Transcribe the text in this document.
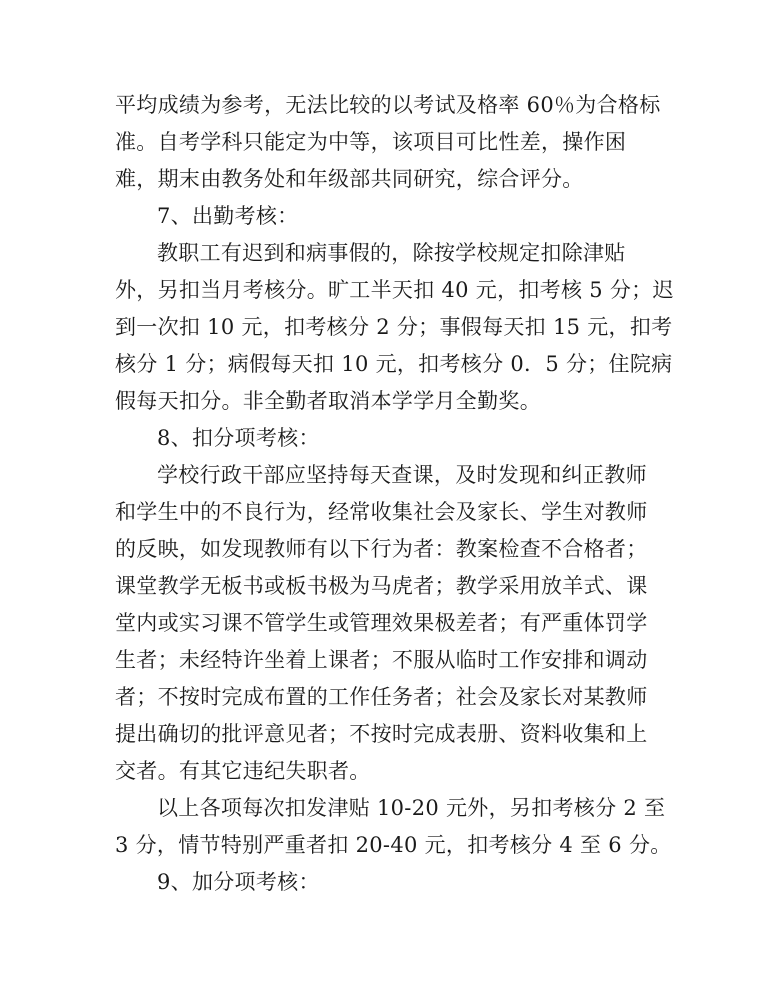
平均成绩为参考，无法比较的以考试及格率 60％为合格标
准。自考学科只能定为中等，该项目可比性差，操作困
难，期末由教务处和年级部共同研究，综合评分。
7、出勤考核：
教职工有迟到和病事假的，除按学校规定扣除津贴
外，另扣当月考核分。旷工半天扣 40 元，扣考核 5 分；迟
到一次扣 10 元，扣考核分 2 分；事假每天扣 15 元，扣考
核分 1 分；病假每天扣 10 元，扣考核分 0．5 分；住院病
假每天扣分。非全勤者取消本学学月全勤奖。
8、扣分项考核：
学校行政干部应坚持每天查课，及时发现和纠正教师
和学生中的不良行为，经常收集社会及家长、学生对教师
的反映，如发现教师有以下行为者：教案检查不合格者；
课堂教学无板书或板书极为马虎者；教学采用放羊式、课
堂内或实习课不管学生或管理效果极差者；有严重体罚学
生者；未经特许坐着上课者；不服从临时工作安排和调动
者；不按时完成布置的工作任务者；社会及家长对某教师
提出确切的批评意见者；不按时完成表册、资料收集和上
交者。有其它违纪失职者。
以上各项每次扣发津贴 10-20 元外，另扣考核分 2 至
3 分，情节特别严重者扣 20-40 元，扣考核分 4 至 6 分。
9、加分项考核：
